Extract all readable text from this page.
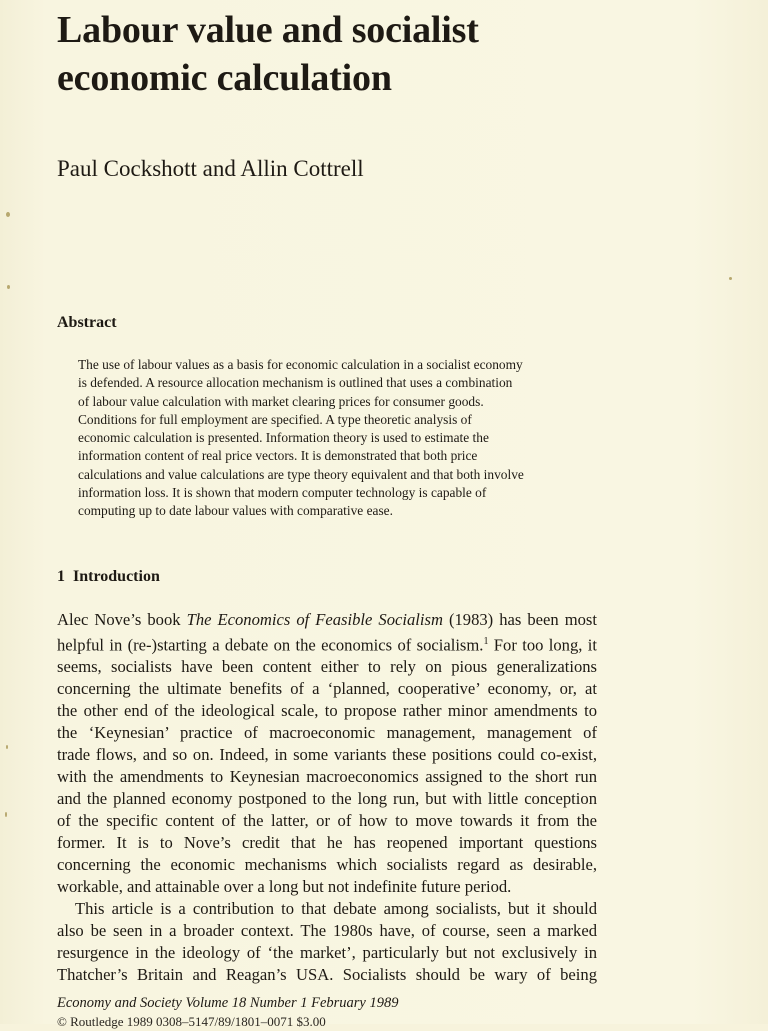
Labour value and socialist
economic calculation
Paul Cockshott and Allin Cottrell
Abstract
The use of labour values as a basis for economic calculation in a socialist economy
is defended. A resource allocation mechanism is outlined that uses a combination
of labour value calculation with market clearing prices for consumer goods.
Conditions for full employment are specified. A type theoretic analysis of
economic calculation is presented. Information theory is used to estimate the
information content of real price vectors. It is demonstrated that both price
calculations and value calculations are type theory equivalent and that both involve
information loss. It is shown that modern computer technology is capable of
computing up to date labour values with comparative ease.
1 Introduction
Alec Nove’s book The Economics of Feasible Socialism (1983) has been most
helpful in (re-)starting a debate on the economics of socialism.$^1$ For too long, it
seems, socialists have been content either to rely on pious generalizations
concerning the ultimate benefits of a ‘planned, cooperative’ economy, or, at
the other end of the ideological scale, to propose rather minor amendments to
the ‘Keynesian’ practice of macroeconomic management, management of
trade flows, and so on. Indeed, in some variants these positions could co-exist,
with the amendments to Keynesian macroeconomics assigned to the short run
and the planned economy postponed to the long run, but with little conception
of the specific content of the latter, or of how to move towards it from the
former. It is to Nove’s credit that he has reopened important questions
concerning the economic mechanisms which socialists regard as desirable,
workable, and attainable over a long but not indefinite future period.
This article is a contribution to that debate among socialists, but it should
also be seen in a broader context. The 1980s have, of course, seen a marked
resurgence in the ideology of ‘the market’, particularly but not exclusively in
Thatcher’s Britain and Reagan’s USA. Socialists should be wary of being
Economy and Society Volume 18 Number 1 February 1989
© Routledge 1989 0308–5147/89/1801–0071 $3.00
